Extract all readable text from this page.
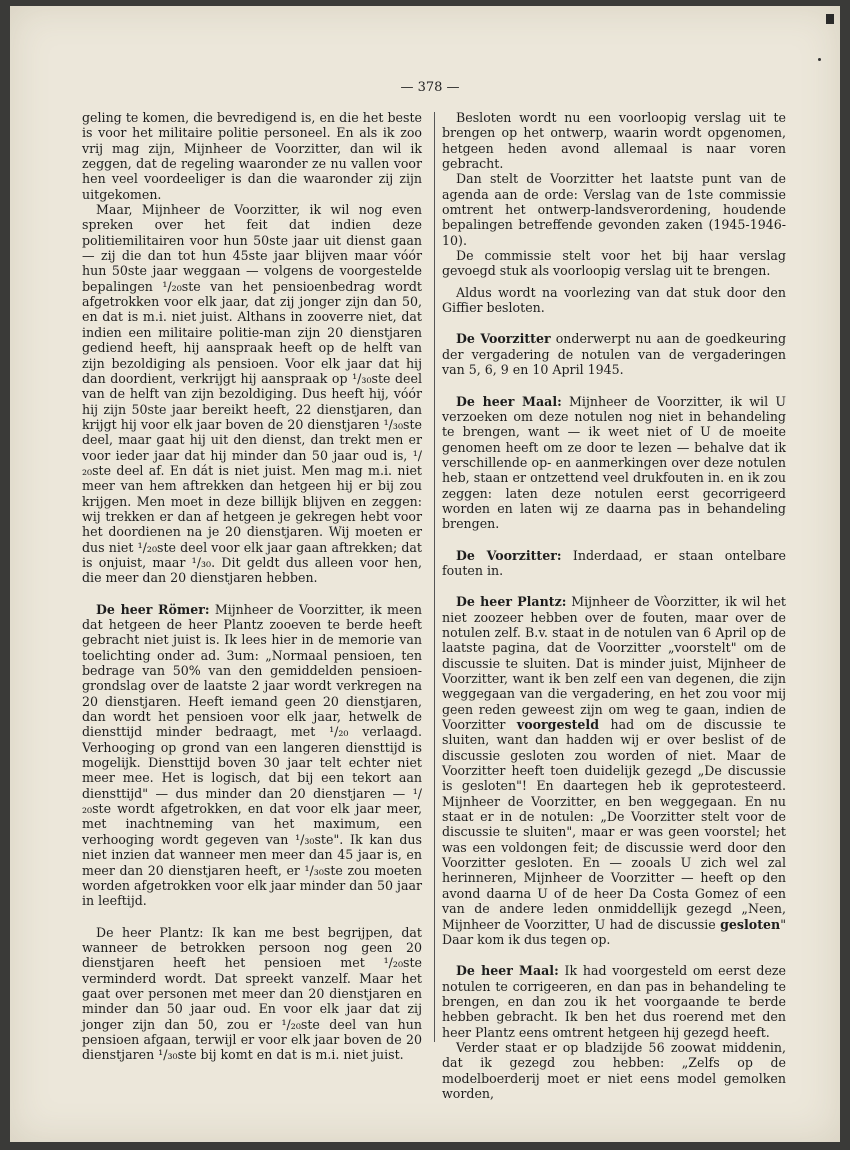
— 378 —

geling te komen, die bevredigend is, en die het beste is voor het militaire politie personeel. En als ik zoo vrij mag zijn, Mijnheer de Voorzitter, dan wil ik zeggen, dat de regeling waaronder ze nu vallen voor hen veel voordeeliger is dan die waaronder zij zijn uitgekomen.

Maar, Mijnheer de Voorzitter, ik wil nog even spreken over het feit dat indien deze politiemilitairen voor hun 50ste jaar uit dienst gaan — zij die dan tot hun 45ste jaar blijven maar vóór hun 50ste jaar weggaan — volgens de voorgestelde bepalingen ¹/₂₀ste van het pensioenbedrag wordt afgetrokken voor elk jaar, dat zij jonger zijn dan 50, en dat is m.i. niet juist. Althans in zooverre niet, dat indien een militaire politie-man zijn 20 dienstjaren gediend heeft, hij aanspraak heeft op de helft van zijn bezoldiging als pensioen. Voor elk jaar dat hij dan doordient, verkrijgt hij aanspraak op ¹/₃₀ste deel van de helft van zijn bezoldiging. Dus heeft hij, vóór hij zijn 50ste jaar bereikt heeft, 22 dienstjaren, dan krijgt hij voor elk jaar boven de 20 dienstjaren ¹/₃₀ste deel, maar gaat hij uit den dienst, dan trekt men er voor ieder jaar dat hij minder dan 50 jaar oud is, ¹/₂₀ste deel af. En dát is niet juist. Men mag m.i. niet meer van hem aftrekken dan hetgeen hij er bij zou krijgen. Men moet in deze billijk blijven en zeggen: wij trekken er dan af hetgeen je gekregen hebt voor het doordienen na je 20 dienstjaren. Wij moeten er dus niet ¹/₂₀ste deel voor elk jaar gaan aftrekken; dat is onjuist, maar ¹/₃₀. Dit geldt dus alleen voor hen, die meer dan 20 dienstjaren hebben.

De heer Römer: Mijnheer de Voorzitter, ik meen dat hetgeen de heer Plantz zooeven te berde heeft gebracht niet juist is. Ik lees hier in de memorie van toelichting onder ad. 3um: „Normaal pensioen, ten bedrage van 50% van den gemiddelden pensioen-grondslag over de laatste 2 jaar wordt verkregen na 20 dienstjaren. Heeft iemand geen 20 dienstjaren, dan wordt het pensioen voor elk jaar, hetwelk de diensttijd minder bedraagt, met ¹/₂₀ verlaagd. Verhooging op grond van een langeren diensttijd is mogelijk. Diensttijd boven 30 jaar telt echter niet meer mee. Het is logisch, dat bij een tekort aan diensttijd" — dus minder dan 20 dienstjaren — ¹/₂₀ste wordt afgetrokken, en dat voor elk jaar meer, met inachtneming van het maximum, een verhooging wordt gegeven van ¹/₃₀ste". Ik kan dus niet inzien dat wanneer men meer dan 45 jaar is, en meer dan 20 dienstjaren heeft, er ¹/₃₀ste zou moeten worden afgetrokken voor elk jaar minder dan 50 jaar in leeftijd.

De heer Plantz: Ik kan me best begrijpen, dat wanneer de betrokken persoon nog geen 20 dienstjaren heeft het pensioen met ¹/₂₀ste verminderd wordt. Dat spreekt vanzelf. Maar het gaat over personen met meer dan 20 dienstjaren en minder dan 50 jaar oud. En voor elk jaar dat zij jonger zijn dan 50, zou er ¹/₂₀ste deel van hun pensioen afgaan, terwijl er voor elk jaar boven de 20 dienstjaren ¹/₃₀ste bij komt en dat is m.i. niet juist.

Besloten wordt nu een voorloopig verslag uit te brengen op het ontwerp, waarin wordt opgenomen, hetgeen heden avond allemaal is naar voren gebracht.

Dan stelt de Voorzitter het laatste punt van de agenda aan de orde: Verslag van de 1ste commissie omtrent het ontwerp-landsverordening, houdende bepalingen betreffende gevonden zaken (1945-1946-10).

De commissie stelt voor het bij haar verslag gevoegd stuk als voorloopig verslag uit te brengen.

Aldus wordt na voorlezing van dat stuk door den Giffier besloten.

De Voorzitter onderwerpt nu aan de goedkeuring der vergadering de notulen van de vergaderingen van 5, 6, 9 en 10 April 1945.

De heer Maal: Mijnheer de Voorzitter, ik wil U verzoeken om deze notulen nog niet in behandeling te brengen, want — ik weet niet of U de moeite genomen heeft om ze door te lezen — behalve dat ik verschillende op- en aanmerkingen over deze notulen heb, staan er ontzettend veel drukfouten in. en ik zou zeggen: laten deze notulen eerst gecorrigeerd worden en laten wij ze daarna pas in behandeling brengen.

De Voorzitter: Inderdaad, er staan ontelbare fouten in.

De heer Plantz: Mijnheer de Vòorzitter, ik wil het niet zoozeer hebben over de fouten, maar over de notulen zelf. B.v. staat in de notulen van 6 April op de laatste pagina, dat de Voorzitter „voorstelt" om de discussie te sluiten. Dat is minder juist, Mijnheer de Voorzitter, want ik ben zelf een van degenen, die zijn weggegaan van die vergadering, en het zou voor mij geen reden geweest zijn om weg te gaan, indien de Voorzitter voorgesteld had om de discussie te sluiten, want dan hadden wij er over beslist of de discussie gesloten zou worden of niet. Maar de Voorzitter heeft toen duidelijk gezegd „De discussie is gesloten"! En daartegen heb ik geprotesteerd. Mijnheer de Voorzitter, en ben weggegaan. En nu staat er in de notulen: „De Voorzitter stelt voor de discussie te sluiten", maar er was geen voorstel; het was een voldongen feit; de discussie werd door den Voorzitter gesloten. En — zooals U zich wel zal herinneren, Mijnheer de Voorzitter — heeft op den avond daarna U of de heer Da Costa Gomez of een van de andere leden onmiddellijk gezegd „Neen, Mijnheer de Voorzitter, U had de discussie gesloten" Daar kom ik dus tegen op.

De heer Maal: Ik had voorgesteld om eerst deze notulen te corrigeeren, en dan pas in behandeling te brengen, en dan zou ik het voorgaande te berde hebben gebracht. Ik ben het dus roerend met den heer Plantz eens omtrent hetgeen hij gezegd heeft.

Verder staat er op bladzijde 56 zoowat middenin, dat ik gezegd zou hebben: „Zelfs op de modelboerderij moet er niet eens model gemolken worden,
